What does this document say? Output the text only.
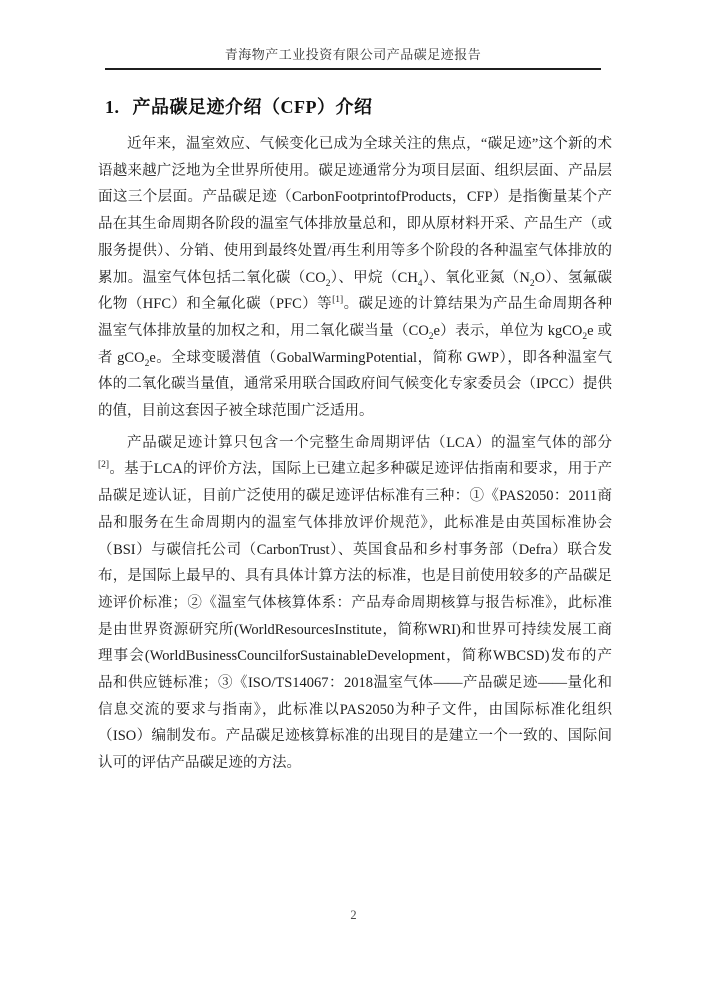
青海物产工业投资有限公司产品碳足迹报告
1. 产品碳足迹介绍（CFP）介绍

近年来，温室效应、气候变化已成为全球关注的焦点，“碳足迹”这个新的术语越来越广泛地为全世界所使用。碳足迹通常分为项目层面、组织层面、产品层面这三个层面。产品碳足迹（CarbonFootprintofProducts，CFP）是指衡量某个产品在其生命周期各阶段的温室气体排放量总和，即从原材料开采、产品生产（或服务提供）、分销、使用到最终处置/再生利用等多个阶段的各种温室气体排放的累加。温室气体包括二氧化碳$(CO_2)$、甲烷$(CH_4)$、氧化亚氮$(N_2O)$、氢氟碳化物（HFC）和全氟化碳（PFC）等[1]。碳足迹的计算结果为产品生命周期各种温室气体排放量的加权之和，用二氧化碳当量$(CO_2e)$表示，单位为 kgCO$_2$e 或者 gCO$_2$e。全球变暖潜值（GobalWarmingPotential，简称 GWP），即各种温室气体的二氧化碳当量值，通常采用联合国政府间气候变化专家委员会（IPCC）提供的值，目前这套因子被全球范围广泛适用。

产品碳足迹计算只包含一个完整生命周期评估（LCA）的温室气体的部分[2]。基于LCA的评价方法，国际上已建立起多种碳足迹评估指南和要求，用于产品碳足迹认证，目前广泛使用的碳足迹评估标准有三种：①《PAS2050：2011商品和服务在生命周期内的温室气体排放评价规范》，此标准是由英国标准协会（BSI）与碳信托公司（CarbonTrust）、英国食品和乡村事务部（Defra）联合发布，是国际上最早的、具有具体计算方法的标准，也是目前使用较多的产品碳足迹评价标准；②《温室气体核算体系：产品寿命周期核算与报告标准》，此标准是由世界资源研究所(WorldResourcesInstitute，简称WRI)和世界可持续发展工商理事会(WorldBusinessCouncilforSustainableDevelopment，简称WBCSD)发布的产品和供应链标准；③《ISO/TS14067：2018温室气体——产品碳足迹——量化和信息交流的要求与指南》，此标准以PAS2050为种子文件，由国际标准化组织（ISO）编制发布。产品碳足迹核算标准的出现目的是建立一个一致的、国际间认可的评估产品碳足迹的方法。

2
